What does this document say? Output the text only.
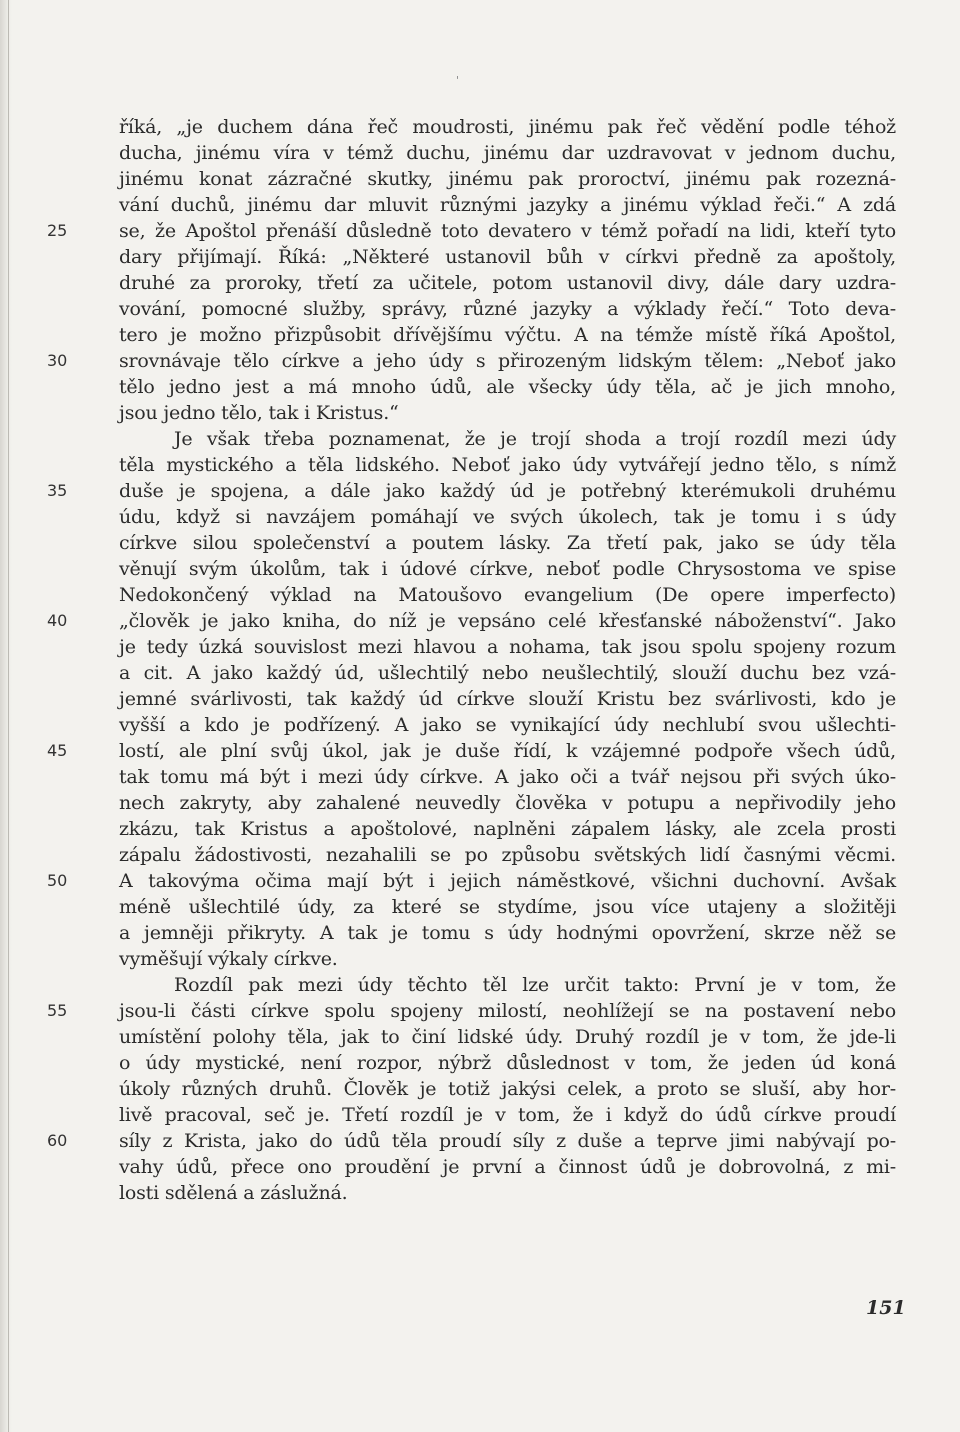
'
říká, „je duchem dána řeč moudrosti, jinému pak řeč vědění podle téhož
ducha, jinému víra v témž duchu, jinému dar uzdravovat v jednom duchu,
jinému konat zázračné skutky, jinému pak proroctví, jinému pak rozezná-
vání duchů, jinému dar mluvit různými jazyky a jinému výklad řeči.“ A zdá
se, že Apoštol přenáší důsledně toto devatero v témž pořadí na lidi, kteří tyto
dary přijímají. Říká: „Některé ustanovil bůh v církvi předně za apoštoly,
druhé za proroky, třetí za učitele, potom ustanovil divy, dále dary uzdra-
vování, pomocné služby, správy, různé jazyky a výklady řečí.“ Toto deva-
tero je možno přizpůsobit dřívějšímu výčtu. A na témže místě říká Apoštol,
srovnávaje tělo církve a jeho údy s přirozeným lidským tělem: „Neboť jako
tělo jedno jest a má mnoho údů, ale všecky údy těla, ač je jich mnoho,
jsou jedno tělo, tak i Kristus.“
Je však třeba poznamenat, že je trojí shoda a trojí rozdíl mezi údy
těla mystického a těla lidského. Neboť jako údy vytvářejí jedno tělo, s nímž
duše je spojena, a dále jako každý úd je potřebný kterémukoli druhému
údu, když si navzájem pomáhají ve svých úkolech, tak je tomu i s údy
církve silou společenství a poutem lásky. Za třetí pak, jako se údy těla
věnují svým úkolům, tak i údové církve, neboť podle Chrysostoma ve spise
Nedokončený výklad na Matoušovo evangelium (De opere imperfecto)
„člověk je jako kniha, do níž je vepsáno celé křesťanské náboženství“. Jako
je tedy úzká souvislost mezi hlavou a nohama, tak jsou spolu spojeny rozum
a cit. A jako každý úd, ušlechtilý nebo neušlechtilý, slouží duchu bez vzá-
jemné svárlivosti, tak každý úd církve slouží Kristu bez svárlivosti, kdo je
vyšší a kdo je podřízený. A jako se vynikající údy nechlubí svou ušlechti-
lostí, ale plní svůj úkol, jak je duše řídí, k vzájemné podpoře všech údů,
tak tomu má být i mezi údy církve. A jako oči a tvář nejsou při svých úko-
nech zakryty, aby zahalené neuvedly člověka v potupu a nepřivodily jeho
zkázu, tak Kristus a apoštolové, naplněni zápalem lásky, ale zcela prosti
zápalu žádostivosti, nezahalili se po způsobu světských lidí časnými věcmi.
A takovýma očima mají být i jejich náměstkové, všichni duchovní. Avšak
méně ušlechtilé údy, za které se stydíme, jsou více utajeny a složitěji
a jemněji přikryty. A tak je tomu s údy hodnými opovržení, skrze něž se
vyměšují výkaly církve.
Rozdíl pak mezi údy těchto těl lze určit takto: První je v tom, že
jsou-li části církve spolu spojeny milostí, neohlížejí se na postavení nebo
umístění polohy těla, jak to činí lidské údy. Druhý rozdíl je v tom, že jde-li
o údy mystické, není rozpor, nýbrž důslednost v tom, že jeden úd koná
úkoly různých druhů. Člověk je totiž jakýsi celek, a proto se sluší, aby hor-
livě pracoval, seč je. Třetí rozdíl je v tom, že i když do údů církve proudí
síly z Krista, jako do údů těla proudí síly z duše a teprve jimi nabývají po-
vahy údů, přece ono proudění je první a činnost údů je dobrovolná, z mi-
losti sdělená a záslužná.
25
30
35
40
45
50
55
60
151
